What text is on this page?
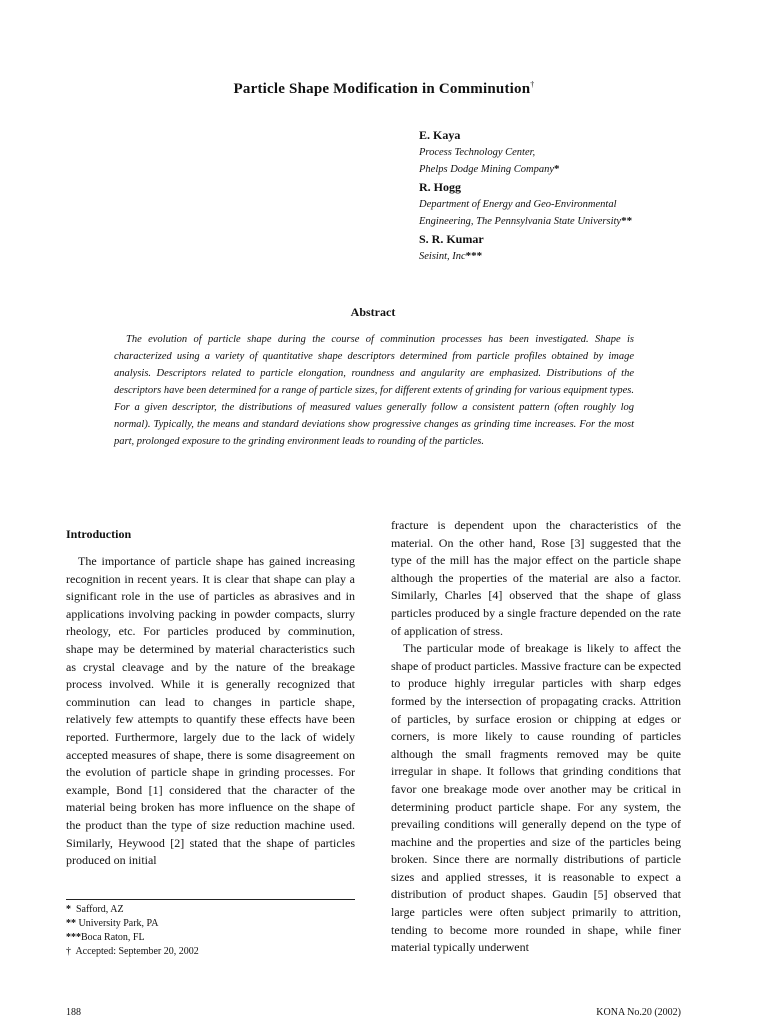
Particle Shape Modification in Comminution†
E. Kaya
Process Technology Center,
Phelps Dodge Mining Company*
R. Hogg
Department of Energy and Geo-Environmental
Engineering, The Pennsylvania State University**
S. R. Kumar
Seisint, Inc***
Abstract

The evolution of particle shape during the course of comminution processes has been investigated. Shape is characterized using a variety of quantitative shape descriptors determined from particle profiles obtained by image analysis. Descriptors related to particle elongation, roundness and angularity are emphasized. Distributions of the descriptors have been determined for a range of particle sizes, for different extents of grinding for various equipment types. For a given descriptor, the distributions of measured values generally follow a consistent pattern (often roughly log normal). Typically, the means and standard deviations show progressive changes as grinding time increases. For the most part, prolonged exposure to the grinding environment leads to rounding of the particles.

Introduction

The importance of particle shape has gained increasing recognition in recent years. It is clear that shape can play a significant role in the use of particles as abrasives and in applications involving packing in powder compacts, slurry rheology, etc. For particles produced by comminution, shape may be determined by material characteristics such as crystal cleavage and by the nature of the breakage process involved. While it is generally recognized that comminution can lead to changes in particle shape, relatively few attempts to quantify these effects have been reported. Furthermore, largely due to the lack of widely accepted measures of shape, there is some disagreement on the evolution of particle shape in grinding processes. For example, Bond [1] considered that the character of the material being broken has more influence on the shape of the product than the type of size reduction machine used. Similarly, Heywood [2] stated that the shape of particles produced on initial

fracture is dependent upon the characteristics of the material. On the other hand, Rose [3] suggested that the type of the mill has the major effect on the particle shape although the properties of the material are also a factor. Similarly, Charles [4] observed that the shape of glass particles produced by a single fracture depended on the rate of application of stress.

The particular mode of breakage is likely to affect the shape of product particles. Massive fracture can be expected to produce highly irregular particles with sharp edges formed by the intersection of propagating cracks. Attrition of particles, by surface erosion or chipping at edges or corners, is more likely to cause rounding of particles although the small fragments removed may be quite irregular in shape. It follows that grinding conditions that favor one breakage mode over another may be critical in determining product particle shape. For any system, the prevailing conditions will generally depend on the type of machine and the properties and size of the particles being broken. Since there are normally distributions of particle sizes and applied stresses, it is reasonable to expect a distribution of product shapes. Gaudin [5] observed that large particles were often subject primarily to attrition, tending to become more rounded in shape, while finer material typically underwent

* Safford, AZ
** University Park, PA
***Boca Raton, FL
† Accepted: September 20, 2002
188	KONA No.20 (2002)
